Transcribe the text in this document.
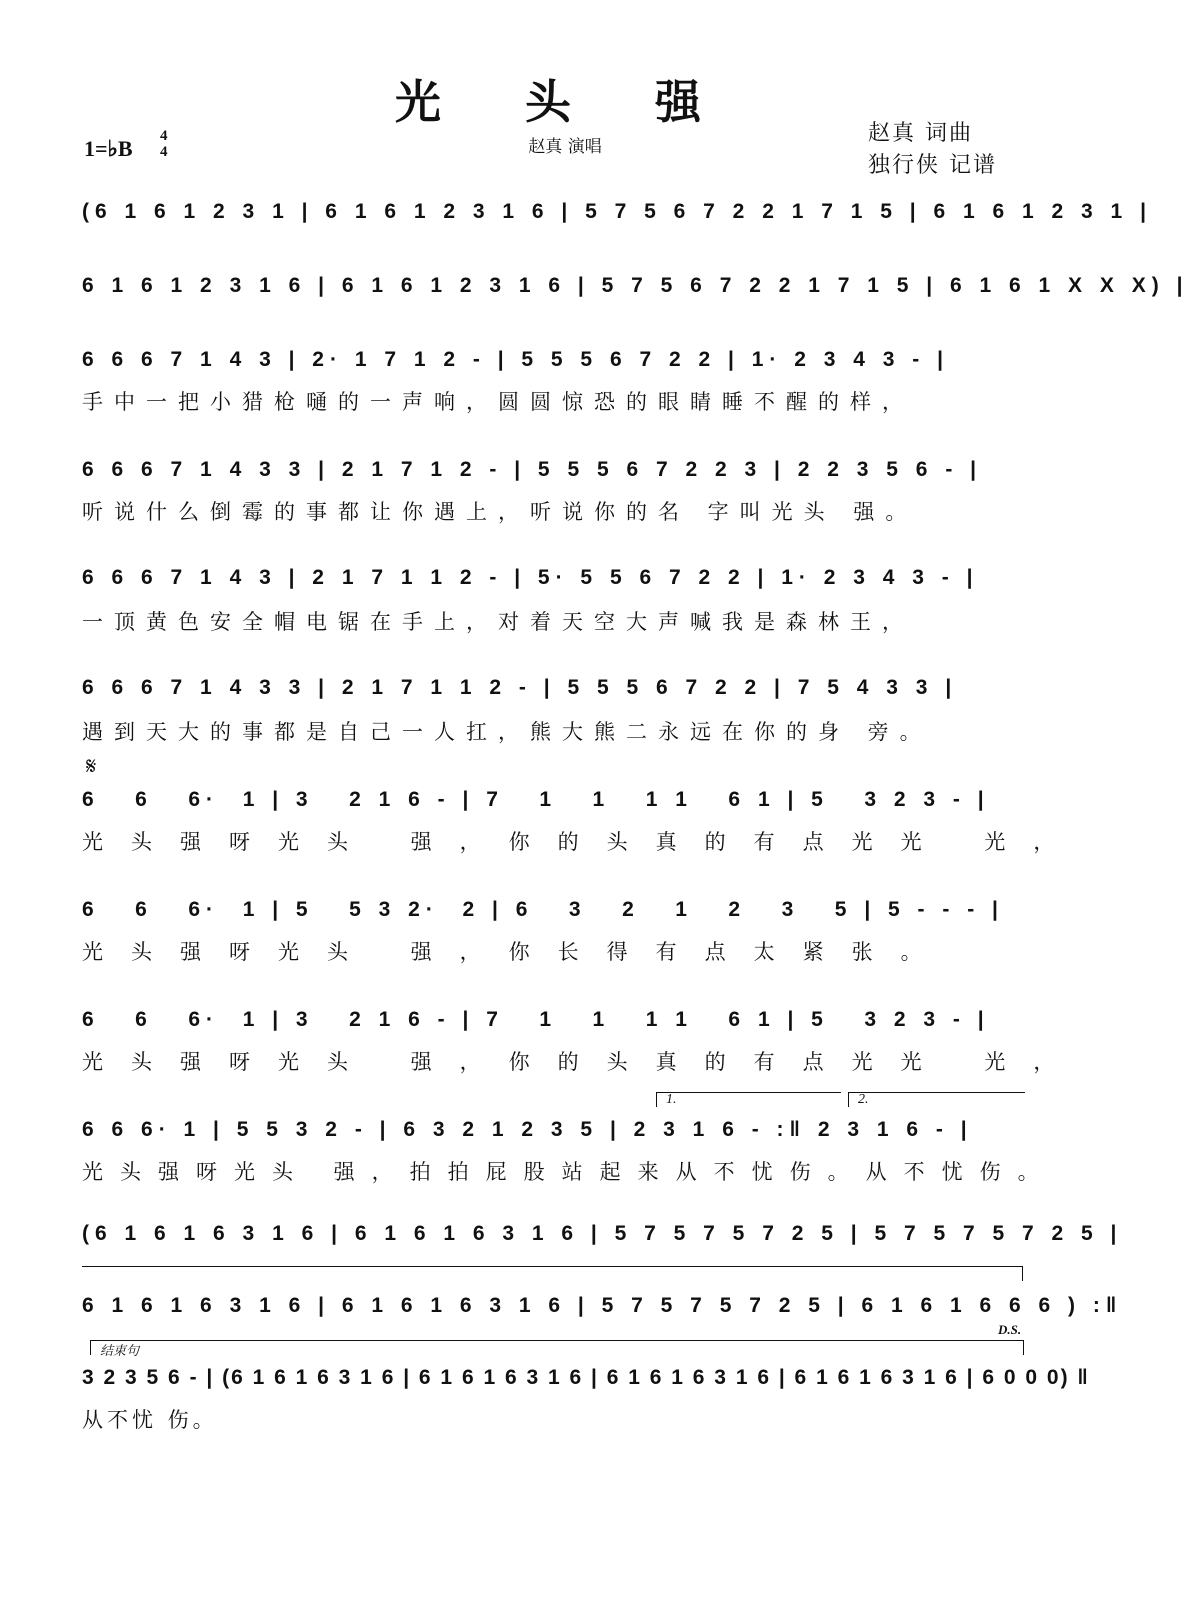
光 头 强
1=♭B 4
4	赵真 演唱
赵真 词曲
独行侠 记谱
(6 1 6 1 2 3 1 | 6 1 6 1 2 3 1 6 | 5 7 5 6 7 2 2 1 7 1 5 | 6 1 6 1 2 3 1 |
6 1 6 1 2 3 1 6 | 6 1 6 1 2 3 1 6 | 5 7 5 6 7 2 2 1 7 1 5 | 6 1 6 1 X X X) |
6 6 6 7 1 4 3 | 2· 1 7 1 2 - | 5 5 5 6 7 2 2 | 1· 2 3 4 3 - |
手中一把小猎枪嗵的一声响，圆圆惊恐的眼睛睡不醒的样，
6 6 6 7 1 4 3 3 | 2 1 7 1 2 - | 5 5 5 6 7 2 2 3 | 2 2 3 5 6 - |
听说什么倒霉的事都让你遇上，听说你的名 字叫光头 强。
6 6 6 7 1 4 3 | 2 1 7 1 1 2 - | 5· 5 5 6 7 2 2 | 1· 2 3 4 3 - |
一顶黄色安全帽电锯在手上，对着天空大声喊我是森林王，
6 6 6 7 1 4 3 3 | 2 1 7 1 1 2 - | 5 5 5 6 7 2 2 | 7 5 4 3 3 |
遇到天大的事都是自己一人扛，熊大熊二永远在你的身 旁。
𝄋
6   6   6·  1 | 3   2 1 6 - | 7   1   1   1 1   6 1 | 5   3 2 3 - |
光头强呀光头 强，你的头真的有点光光 光，
6   6   6·  1 | 5   5 3 2·  2 | 6   3   2   1   2   3   5 | 5 - - - |
光头强呀光头 强，你长得有点太紧张。
6   6   6·  1 | 3   2 1 6 - | 7   1   1   1 1   6 1 | 5   3 2 3 - |
光头强呀光头 强，你的头真的有点光光 光，
1.	2.
6 6 6· 1 | 5 5 3 2 - | 6 3 2 1 2 3 5 | 2 3 1 6 - :‖ 2 3 1 6 - |
光头强呀光头 强，拍拍屁股站起来从不忧伤。从不忧伤。
(6 1 6 1 6 3 1 6 | 6 1 6 1 6 3 1 6 | 5 7 5 7 5 7 2 5 | 5 7 5 7 5 7 2 5 |
6 1 6 1 6 3 1 6 | 6 1 6 1 6 3 1 6 | 5 7 5 7 5 7 2 5 | 6 1 6 1 6 6 6 ) :‖
D.S.
结束句
3 2 3 5 6 - | (6 1 6 1 6 3 1 6 | 6 1 6 1 6 3 1 6 | 6 1 6 1 6 3 1 6 | 6 1 6 1 6 3 1 6 | 6 0 0 0) ‖
从不忧 伤。
